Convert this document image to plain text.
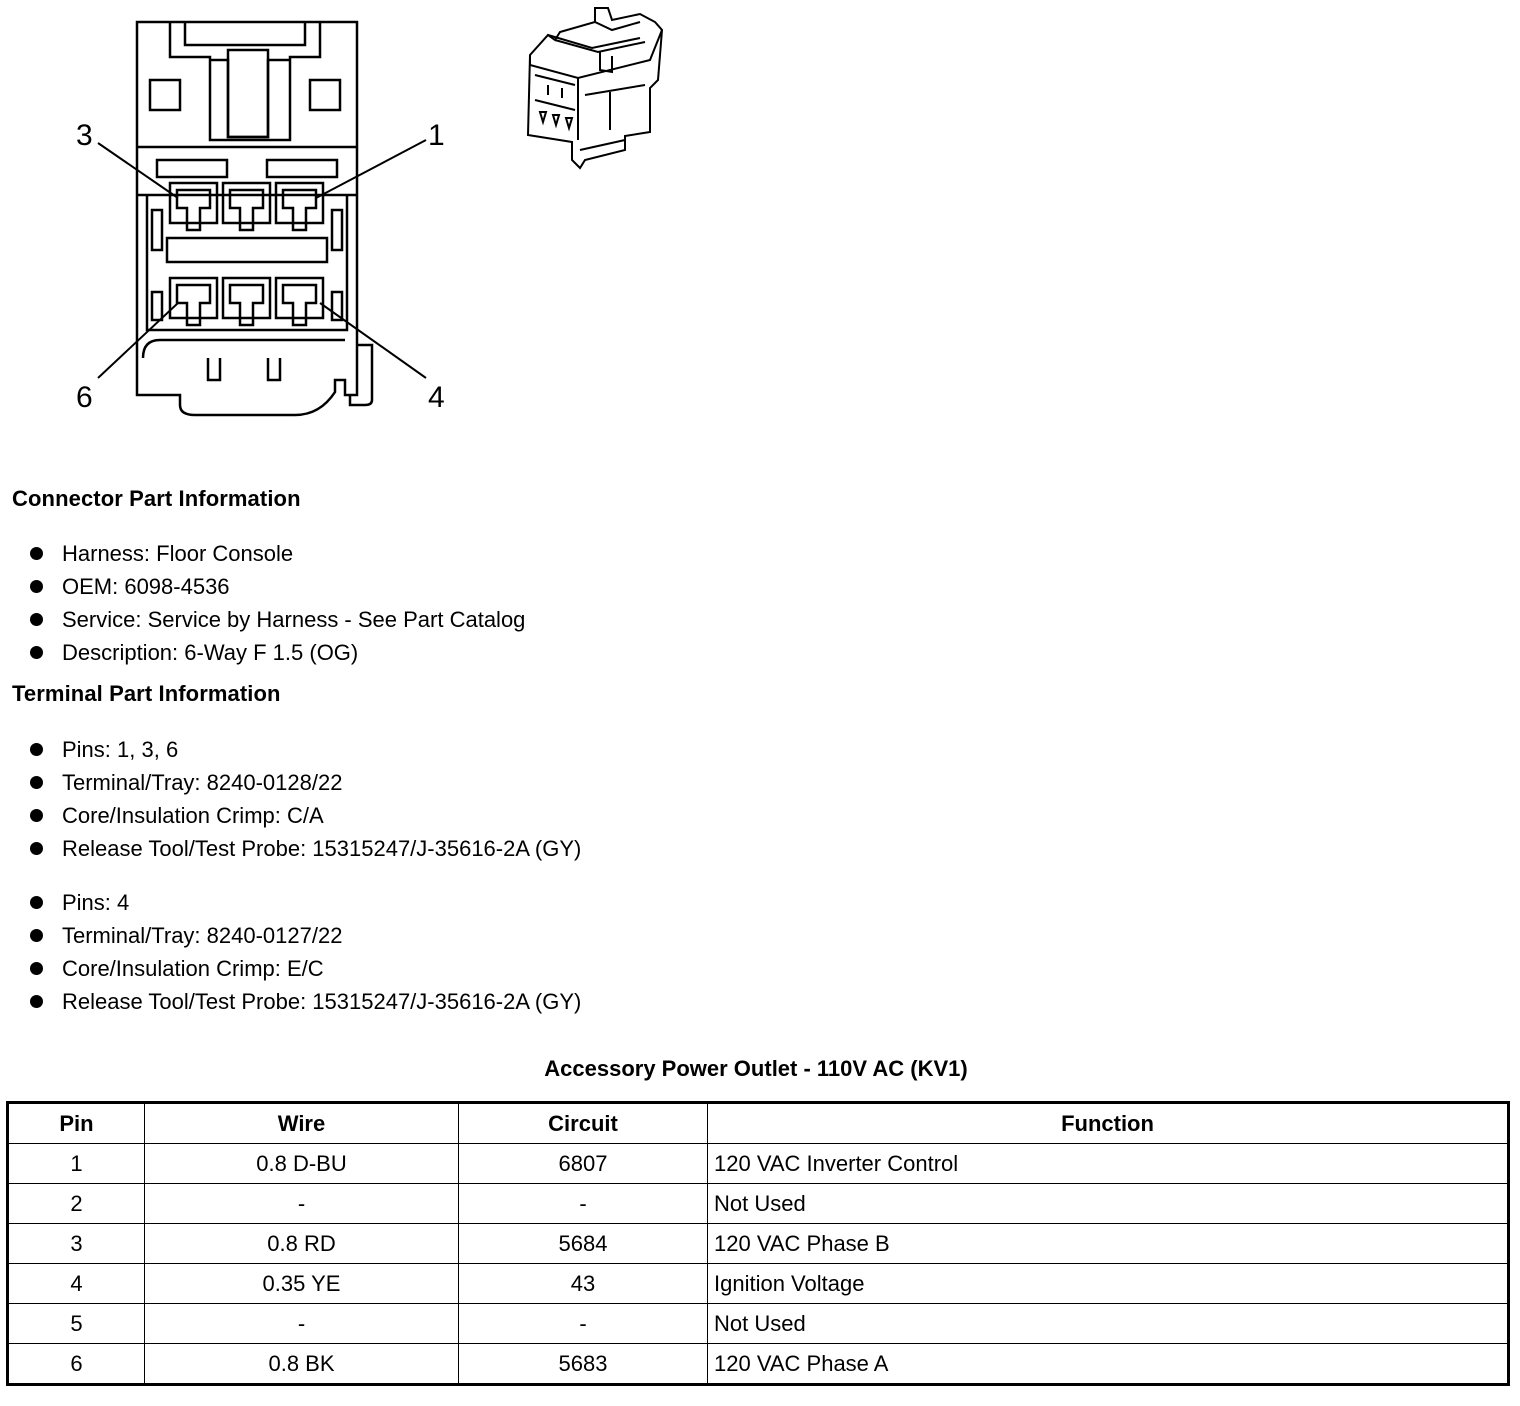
3	1
6	4
Connector Part Information
Harness: Floor Console
OEM: 6098-4536
Service: Service by Harness - See Part Catalog
Description: 6-Way F 1.5 (OG)
Terminal Part Information
Pins: 1, 3, 6
Terminal/Tray: 8240-0128/22
Core/Insulation Crimp: C/A
Release Tool/Test Probe: 15315247/J-35616-2A (GY)
Pins: 4
Terminal/Tray: 8240-0127/22
Core/Insulation Crimp: E/C
Release Tool/Test Probe: 15315247/J-35616-2A (GY)
Accessory Power Outlet - 110V AC (KV1)
Pin	Wire	Circuit	Function
1	0.8 D-BU	6807	120 VAC Inverter Control
2	-	-	Not Used
3	0.8 RD	5684	120 VAC Phase B
4	0.35 YE	43	Ignition Voltage
5	-	-	Not Used
6	0.8 BK	5683	120 VAC Phase A
